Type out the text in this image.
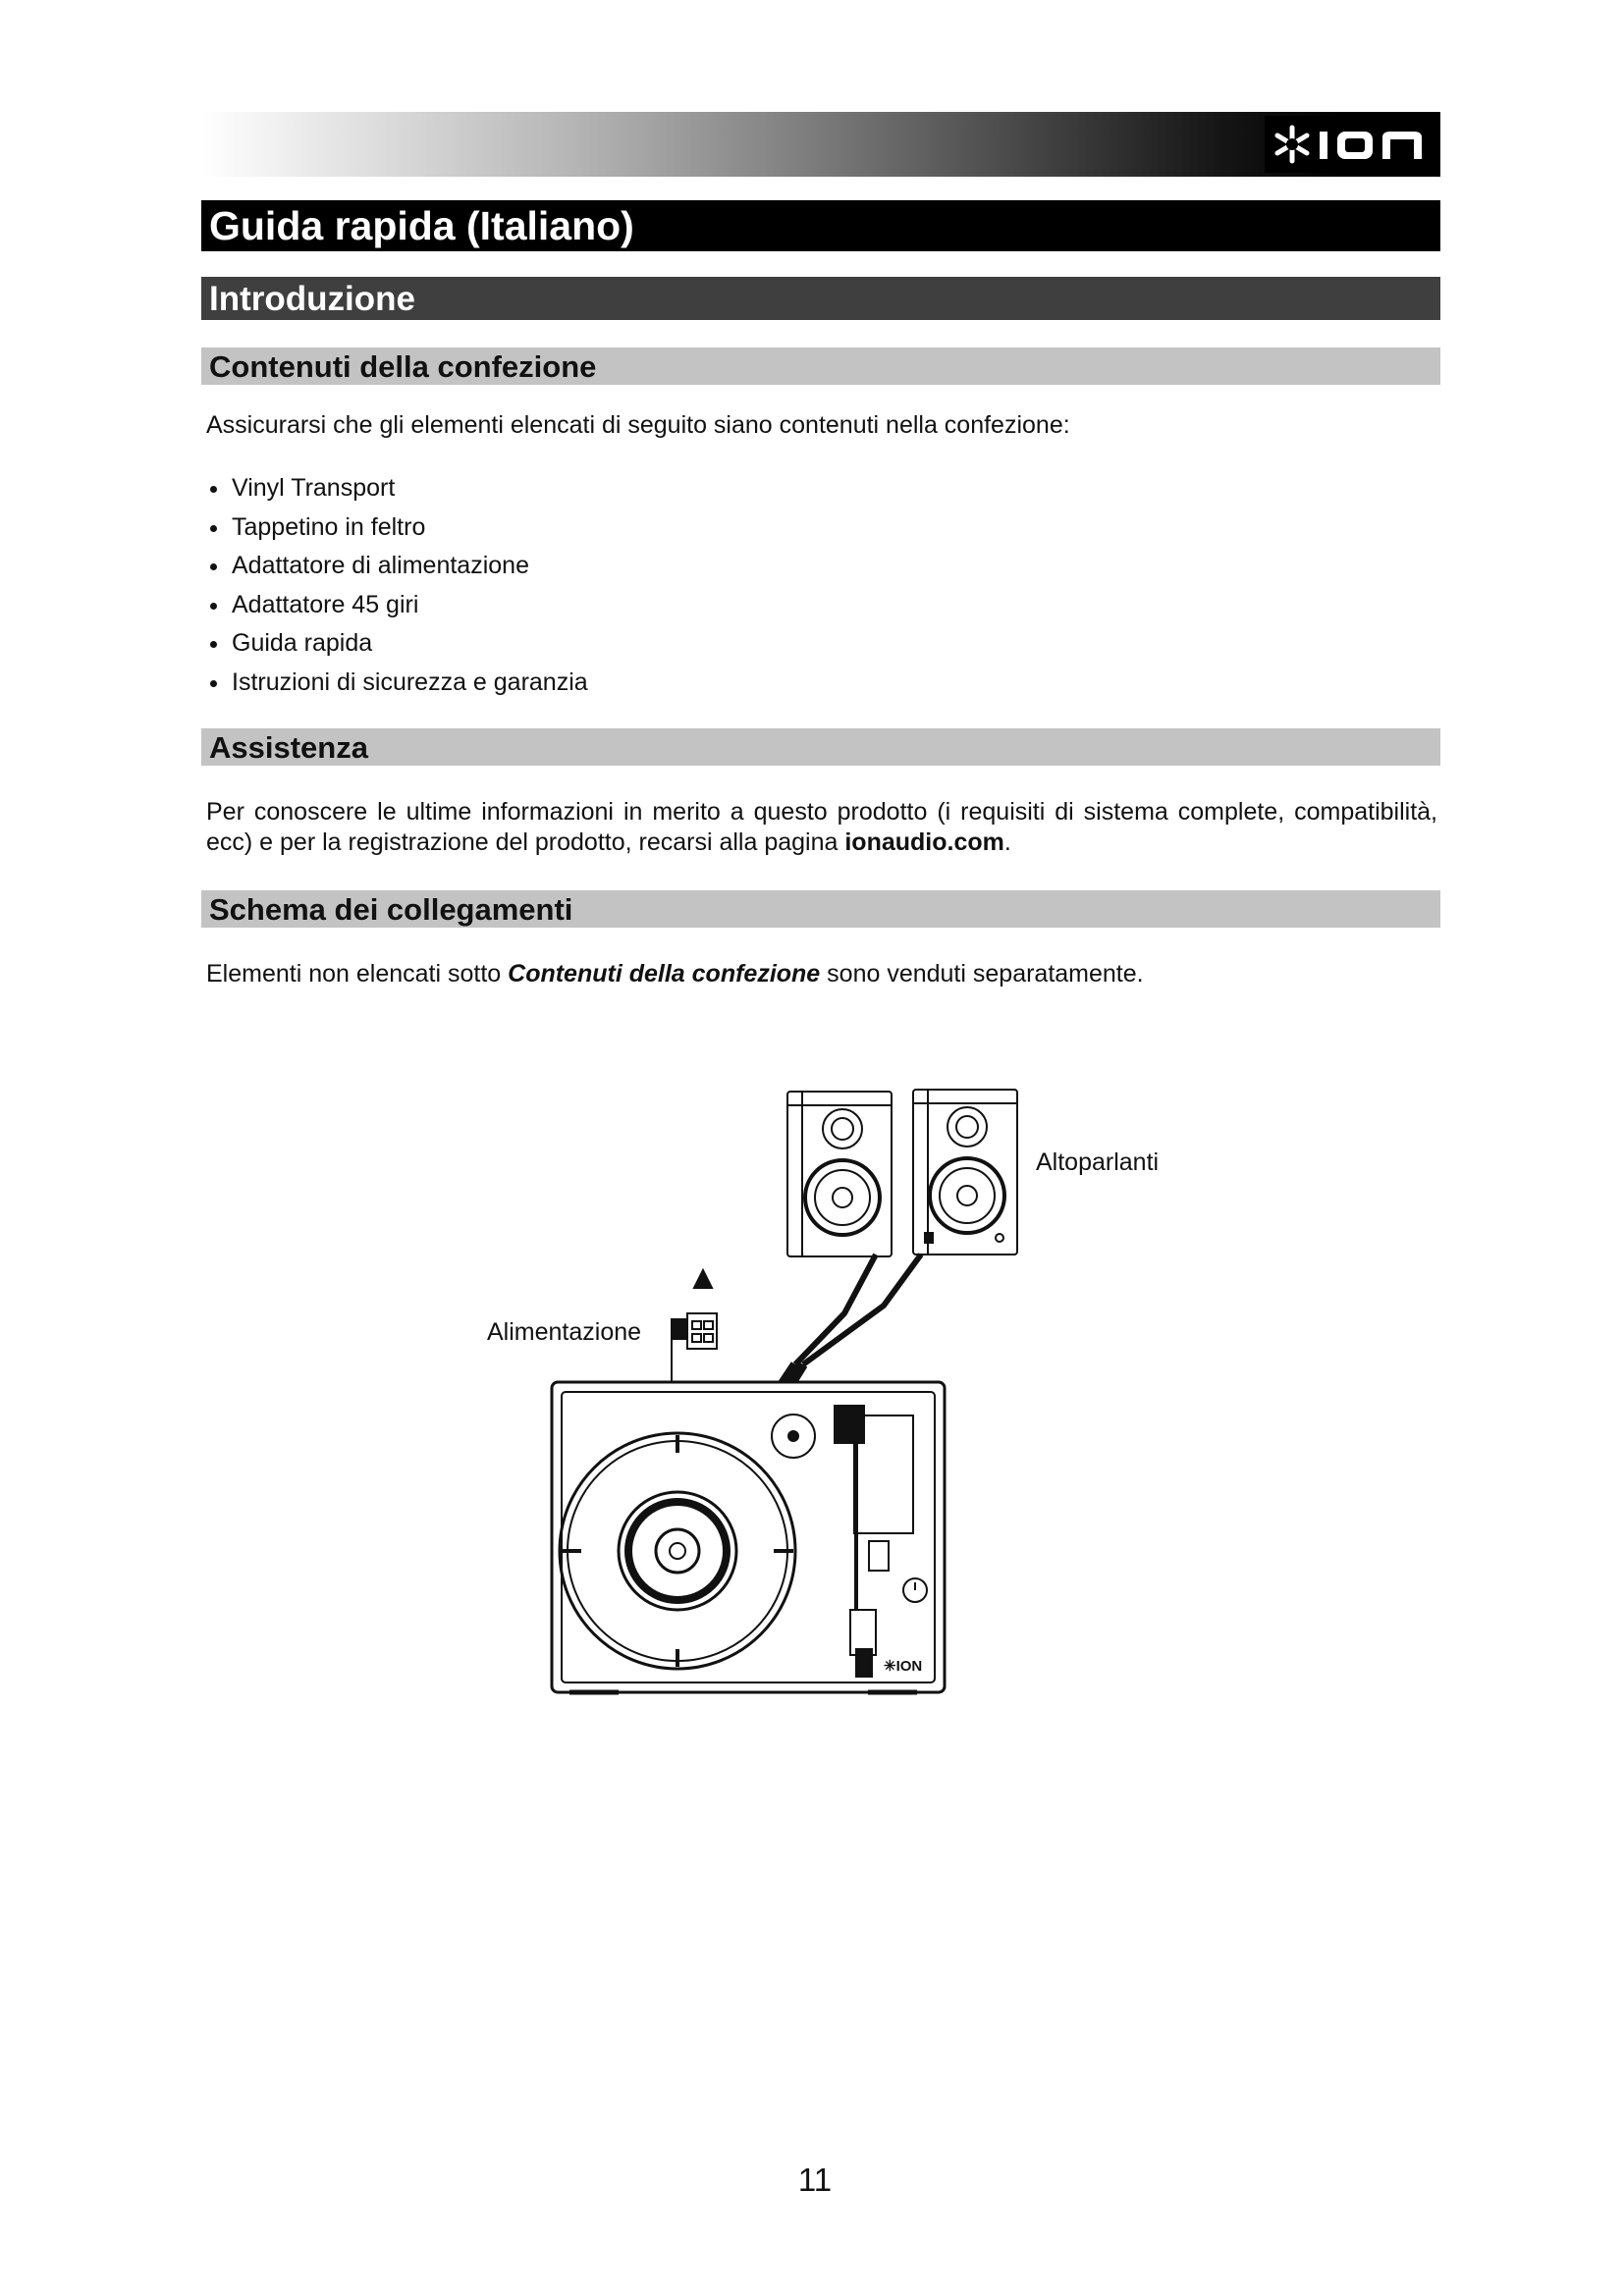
Guida rapida (Italiano)
Introduzione
Contenuti della confezione
Assicurarsi che gli elementi elencati di seguito siano contenuti nella confezione:
Vinyl Transport
Tappetino in feltro
Adattatore di alimentazione
Adattatore 45 giri
Guida rapida
Istruzioni di sicurezza e garanzia
Assistenza
Per conoscere le ultime informazioni in merito a questo prodotto (i requisiti di sistema complete, compatibilità, ecc) e per la registrazione del prodotto, recarsi alla pagina ionaudio.com.
Schema dei collegamenti
Elementi non elencati sotto Contenuti della confezione sono venduti separatamente.
Altoparlanti
Alimentazione
✳ION
11
